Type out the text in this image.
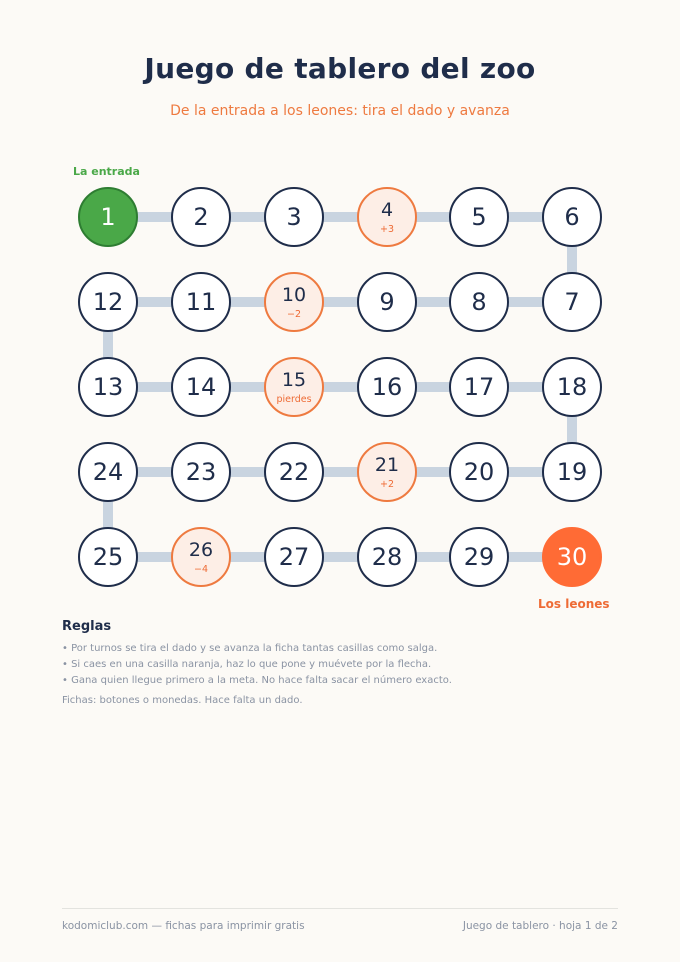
Juego de tablero del zoo
De la entrada a los leones: tira el dado y avanza
La entrada
1	2	3	4
+3	5	6
7
8
9
10
−2
11
12
13	14	15
pierdes	16	17	18
19
20
21
+2
22
23
24
25	26
−4	27	28	29	30
Los leones
Reglas
• Por turnos se tira el dado y se avanza la ficha tantas casillas como salga.
• Si caes en una casilla naranja, haz lo que pone y muévete por la flecha.
• Gana quien llegue primero a la meta. No hace falta sacar el número exacto.
Fichas: botones o monedas. Hace falta un dado.
kodomiclub.com — fichas para imprimir gratis	Juego de tablero · hoja 1 de 2
